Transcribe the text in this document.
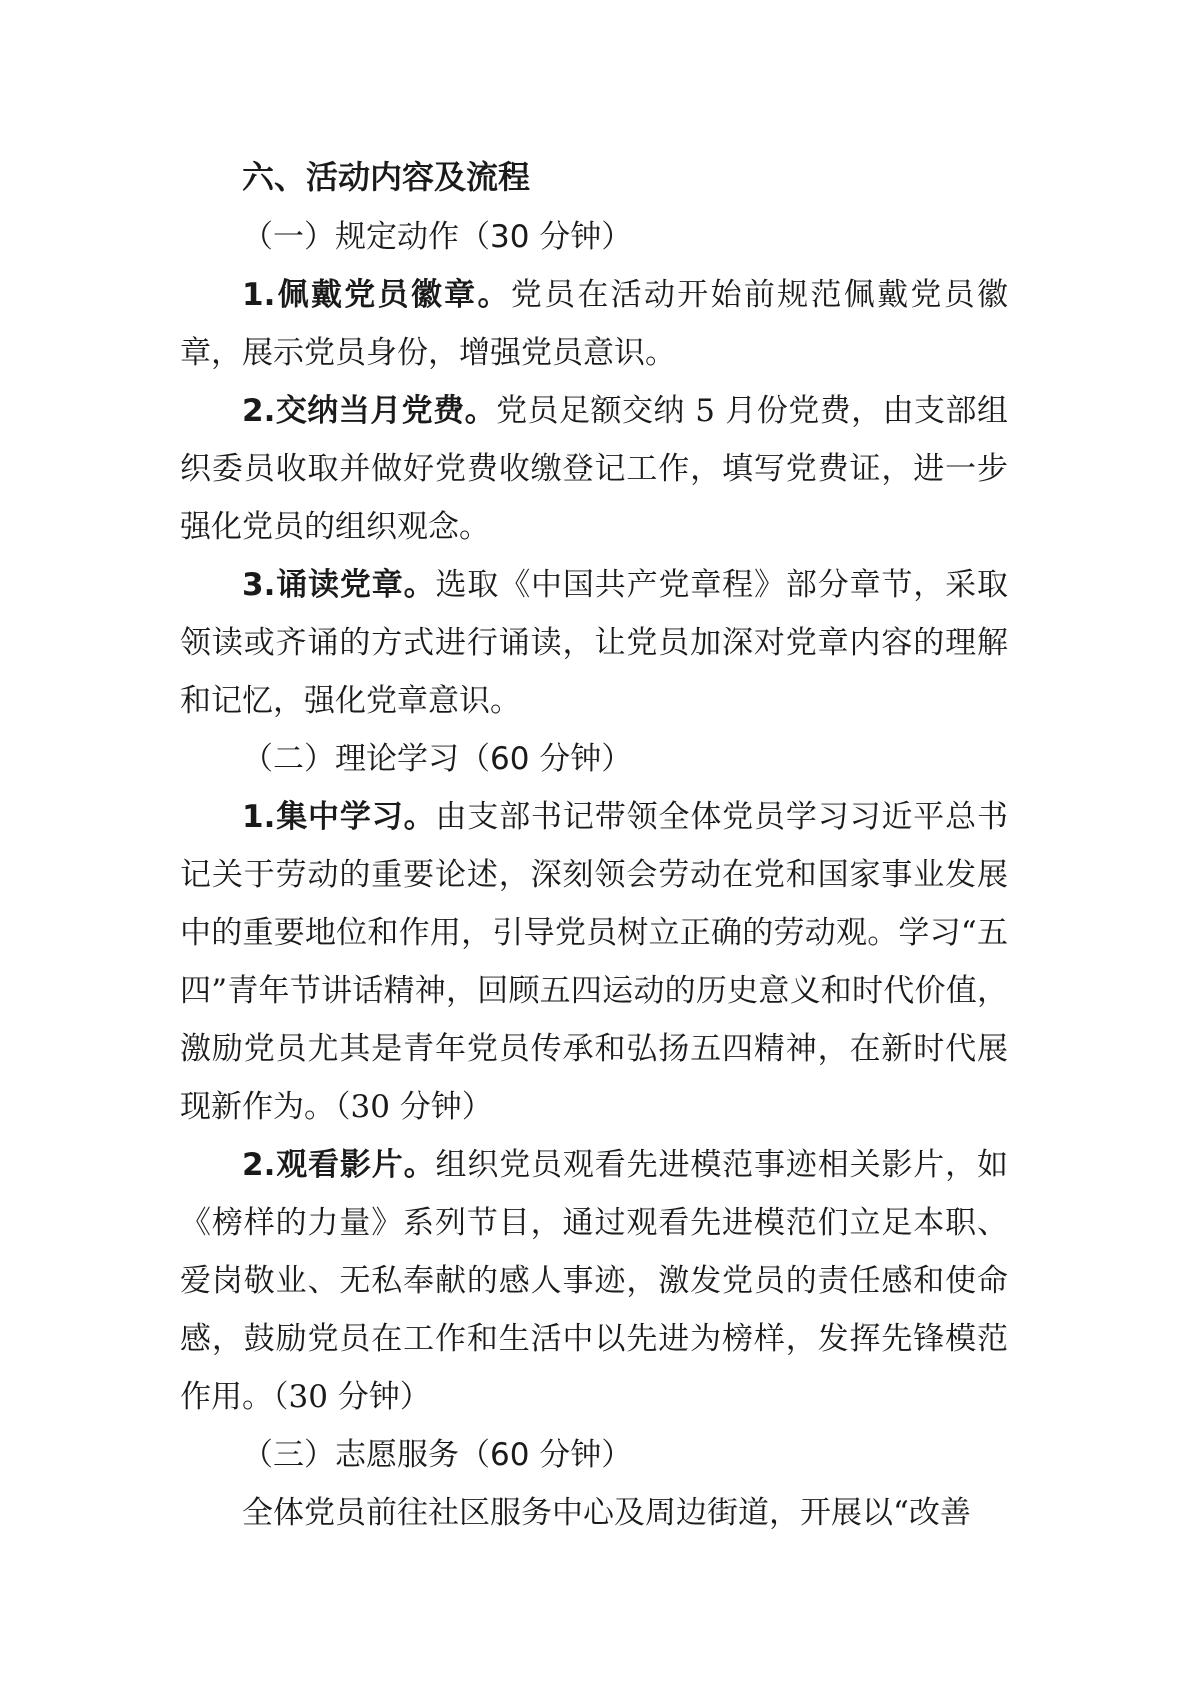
六、活动内容及流程

（一）规定动作（30 分钟）

1.佩戴党员徽章。党员在活动开始前规范佩戴党员徽章，展示党员身份，增强党员意识。

2.交纳当月党费。党员足额交纳 5 月份党费，由支部组织委员收取并做好党费收缴登记工作，填写党费证，进一步强化党员的组织观念。

3.诵读党章。选取《中国共产党章程》部分章节，采取领读或齐诵的方式进行诵读，让党员加深对党章内容的理解和记忆，强化党章意识。

（二）理论学习（60 分钟）

1.集中学习。由支部书记带领全体党员学习习近平总书记关于劳动的重要论述，深刻领会劳动在党和国家事业发展中的重要地位和作用，引导党员树立正确的劳动观。学习“五四”青年节讲话精神，回顾五四运动的历史意义和时代价值，激励党员尤其是青年党员传承和弘扬五四精神，在新时代展现新作为。（30 分钟）

2.观看影片。组织党员观看先进模范事迹相关影片，如《榜样的力量》系列节目，通过观看先进模范们立足本职、爱岗敬业、无私奉献的感人事迹，激发党员的责任感和使命感，鼓励党员在工作和生活中以先进为榜样，发挥先锋模范作用。（30 分钟）

（三）志愿服务（60 分钟）

全体党员前往社区服务中心及周边街道，开展以“改善
